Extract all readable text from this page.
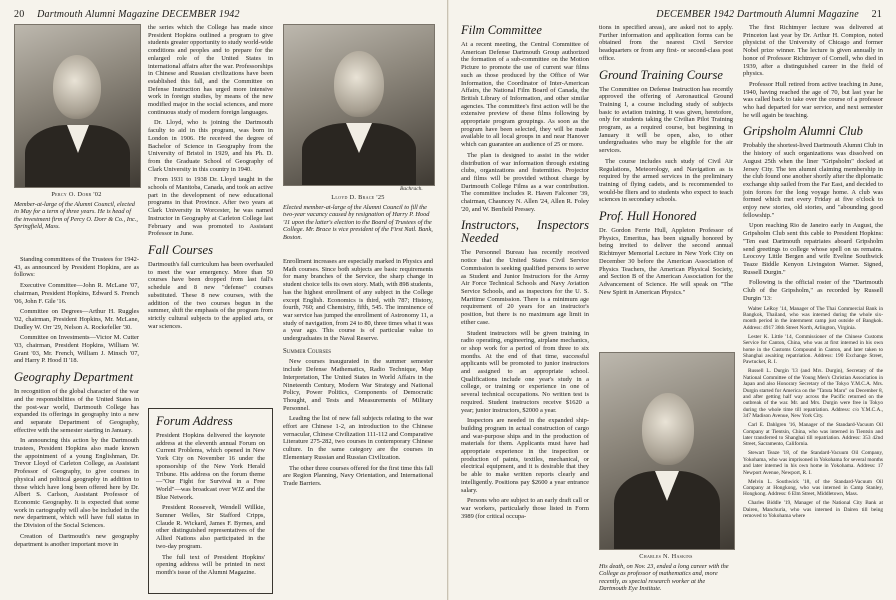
20 Dartmouth Alumni Magazine DECEMBER 1942
Percy O. Dorr '02
Member-at-large of the Alumni Council, elected in May for a term of three years. He is head of the investment firm of Percy O. Dorr & Co., Inc., Springfield, Mass.

Standing committees of the Trustees for 1942-43, as announced by President Hopkins, are as follows:

Executive Committee—John R. McLane '07, chairman, President Hopkins, Edward S. French '06, John F. Gile '16.

Committee on Degrees—Arthur H. Ruggles '02, chairman, President Hopkins, Mr. McLane, Dudley W. Orr '29, Nelson A. Rockefeller '30.

Committee on Investments—Victor M. Cutter '03, chairman, President Hopkins, William W. Grant '03, Mr. French, William J. Minsch '07, and Harry P. Hood II '18.

Geography Department

In recognition of the global character of the war and the responsibilities of the United States in the post-war world, Dartmouth College has expanded its offerings in geography into a new and separate Department of Geography, effective with the semester starting in January.

In announcing this action by the Dartmouth trustees, President Hopkins also made known the appointment of a young Englishman, Dr. Trevor Lloyd of Carleton College, as Assistant Professor of Geography, to give courses in physical and political geography in addition to those which have long been offered here by Dr. Albert S. Carlson, Assistant Professor of Economic Geography. It is expected that some work in cartography will also be included in the new department, which will have full status in the Division of the Social Sciences.

Creation of Dartmouth's new geography department is another important move in

the series which the College has made since President Hopkins outlined a program to give students greater opportunity to study world-wide conditions and peoples and to prepare for the enlarged role of the United States in international affairs after the war. Professorships in Chinese and Russian civilizations have been established this fall, and the Committee on Defense Instruction has urged more intensive work in foreign studies, by means of the new modified major in the social sciences, and more continuous study of modern foreign languages.

Dr. Lloyd, who is joining the Dartmouth faculty to aid in this program, was born in London in 1906. He received the degree of Bachelor of Science in Geography from the University of Bristol in 1929, and his Ph. D. from the Graduate School of Geography of Clark University in this country in 1940.

From 1931 to 1938 Dr. Lloyd taught in the schools of Manitoba, Canada, and took an active part in the development of new educational programs in that Province. After two years at Clark University in Worcester, he was named Instructor in Geography at Carleton College last February and was promoted to Assistant Professor in June.

Fall Courses

Dartmouth's fall curriculum has been overhauled to meet the war emergency. More than 50 courses have been dropped from last fall's schedule and 8 new "defense" courses substituted. These 8 new courses, with the addition of the two courses begun in the summer, shift the emphasis of the program from strictly cultural subjects to the applied arts, or war sciences.

Forum Address

President Hopkins delivered the keynote address at the eleventh annual Forum on Current Problems, which opened in New York City on November 16 under the sponsorship of the New York Herald Tribune. His address on the forum theme—"Our Fight for Survival in a Free World"—was broadcast over WJZ and the Blue Network.

President Roosevelt, Wendell Willkie, Sumner Welles, Sir Stafford Cripps, Claude R. Wickard, James F. Byrnes, and other distinguished representatives of the Allied Nations also participated in the two-day program.

The full text of President Hopkins' opening address will be printed in next month's issue of the Alumni Magazine.

Bachrach.
Lloyd D. Brace '25
Elected member-at-large of the Alumni Council to fill the two-year vacancy caused by resignation of Harry P. Hood '11 upon the latter's election to the Board of Trustees of the College. Mr. Brace is vice president of the First Natl. Bank, Boston.

Enrollment increases are especially marked in Physics and Math courses. Since both subjects are basic requirements for many branches of the Service, the sharp change in student choice tells its own story. Math, with 898 students, has the highest enrollment of any subject in the College except English. Economics is third, with 787; History, fourth, 760; and Chemistry, fifth, 545. The imminence of war service has jumped the enrollment of Astronomy 11, a study of navigation, from 24 to 80, three times what it was a year ago. This course is of particular value to undergraduates in the Naval Reserve.

Summer Courses

New courses inaugurated in the summer semester include Defense Mathematics, Radio Technique, Map Interpretation, The United States in World Affairs in the Nineteenth Century, Modern War Strategy and National Policy, Power Politics, Components of Democratic Thought, and Tests and Measurements of Military Personnel.

Leading the list of new fall subjects relating to the war effort are Chinese 1-2, an introduction to the Chinese vernacular, Chinese Civilization 111-112 and Comparative Literature 275-282, two courses in contemporary Chinese culture. In the same category are the courses in Elementary Russian and Russian Civilization.

The other three courses offered for the first time this fall are Region Planning, Navy Orientation, and International Trade Barriers.

DECEMBER 1942 Dartmouth Alumni Magazine 21
Film Committee

At a recent meeting, the Central Committee of American Defense Dartmouth Group authorized the formation of a sub-committee on the Motion Picture to promote the use of current war films such as those produced by the Office of War Information, the Coordinator of Inter-American Affairs, the National Film Board of Canada, the British Library of Information, and other similar agencies. The committee's first action will be the extensive preview of these films following by appropriate program groupings. As soon as the program have been selected, they will be made available to all local groups in and near Hanover which can guarantee an audience of 25 or more.

The plan is designed to assist in the wider distribution of war information through existing clubs, organizations and fraternities. Projector and films will be provided without charge by Dartmouth College Films as a war contribution. The committee includes R. Haven Falconer '39, chairman, Chauncey N. Allen '24, Allen R. Foley '20, and W. Benfield Pressey.

Instructors, Inspectors Needed

The Personnel Bureau has recently received notice that the United States Civil Service Commission is seeking qualified persons to serve as Student and Junior Instructors for the Army Air Force Technical Schools and Navy Aviation Service Schools, and as inspectors for the U. S. Maritime Commission. There is a minimum age requirement of 20 years for an instructor's position, but there is no maximum age limit in either case.

Student instructors will be given training in radio operating, engineering, airplane mechanics, or shop work for a period of from three to six months. At the end of that time, successful applicants will be promoted to junior instructors and assigned to an appropriate school. Qualifications include one year's study in a college, or training or experience in one of several technical occupations. No written test is required. Student instructors receive $1620 a year; junior instructors, $2000 a year.

Inspectors are needed in the expanded ship-building program in actual construction of cargo and war-purpose ships and in the production of materials for them. Applicants must have had appropriate experience in the inspection or production of paints, textiles, mechanical, or electrical equipment, and it is desirable that they be able to make written reports clearly and intelligently. Positions pay $2600 a year entrance salary.

Persons who are subject to an early draft call or war workers, particularly those listed in Form 3989 (for critical occupa-

tions in specified areas), are asked not to apply. Further information and application forms can be obtained from the nearest Civil Service headquarters or from any first- or second-class post office.

Ground Training Course

The Committee on Defense Instruction has recently approved the offering of Aeronautical Ground Training I, a course including study of subjects basic to aviation training. It was given, heretofore, only for students taking the Civilian Pilot Training program, as a required course, but beginning in January it will be open, also, to other undergraduates who may be eligible for the air services.

The course includes such study of Civil Air Regulations, Meteorology, and Navigation as is required by the armed services in the preliminary training of flying cadets, and is recommended to would-be fliers and to students who expect to teach sciences in secondary schools.

Prof. Hull Honored

Dr. Gordon Ferrie Hull, Appleton Professor of Physics, Emeritus, has been signally honored by being invited to deliver the second annual Richtmyer Memorial Lecture in New York City on December 30 before the American Association of Physics Teachers, the American Physical Society, and Section B of the American Association for the Advancement of Science. He will speak on "The New Spirit in American Physics."

Charles N. Haskins
His death, on Nov. 23, ended a long career with the College as professor of mathematics and, more recently, as special research worker at the Dartmouth Eye Institute.

The first Richtmyer lecture was delivered at Princeton last year by Dr. Arthur H. Compton, noted physicist of the University of Chicago and former Nobel prize winner. The lecture is given annually in honor of Professor Richtmyer of Cornell, who died in 1939, after a distinguished career in the field of physics.

Professor Hull retired from active teaching in June, 1940, having reached the age of 70, but last year he was called back to take over the course of a professor who had departed for war service, and next semester he will again be teaching.

Gripsholm Alumni Club

Probably the shortest-lived Dartmouth Alumni Club in the history of such organizations was dissolved on August 25th when the liner "Gripsholm" docked at Jersey City. The ten alumni claiming membership in the club found one another shortly after the diplomatic exchange ship sailed from the Far East, and decided to join forces for the long voyage home. A club was formed which met every Friday at five o'clock to enjoy new stories, old stories, and "abounding good fellowship."

Upon reaching Rio de Janeiro early in August, the Gripsholm Club sent this cable to President Hopkins: "Ten east Dartmouth repatriates aboard Gripsholm send greetings to college whose spell on us remains. Leocovy Little Bergen and wife Eveline Southwick Teaze Biddle Kenyon Livingston Warner. Signed, Russell Durgin."

Following is the official roster of the "Dartmouth Club of the Gripsholm," as recorded by Russell Durgin '13:

Walter LeRoy '14, Manager of The Thai Commercial Bank in Bangkok, Thailand, who was interned during the whole six-month period in the internment camp just outside of Bangkok. Address: 4917 36th Street North, Arlington, Virginia.

Lester K. Little '14, Commissioner of the Chinese Customs Service for Canton, China, who was at first interned in his own home in the Customs Compound in Canton, and later taken to Shanghai awaiting repatriation. Address: 190 Exchange Street, Pawtucket, R. I.

Russell L. Durgin '13 (and Mrs. Durgin), Secretary of the National Committee of the Young Men's Christian Association in Japan and also Honorary Secretary of the Tokyo Y.M.C.A. Mrs. Durgin started for America on the "Tatuta Maru" on December 8, and after getting half way across the Pacific returned on the outbreak of the war. Mr. and Mrs. Durgin were free in Tokyo during the whole time till repatriation. Address: c/o Y.M.C.A., 347 Madison Avenue, New York City.

Carl E. Dahlgren '16, Manager of the Standard-Vacuum Oil Company at Tientsin, China, who was interned in Tientsin and later transferred to Shanghai till repatriation. Address: 353 42nd Street, Sacramento, California.

Stewart Teaze '18, of the Standard-Vacuum Oil Company, Yokohama, who was imprisoned in Yokohama for several months and later interned in his own home in Yokohama. Address: 17 Newport Avenue, Newport, R. I.

Melvin L. Southwick '18, of the Standard-Vacuum Oil Company at Hongkong, who was interned in Camp Stanley, Hongkong. Address: 6 Elm Street, Middletown, Mass.

Charles Biddle '19, Manager of the National City Bank at Dairen, Manchuria, who was interned in Dairen till being removed to Yokohama where
